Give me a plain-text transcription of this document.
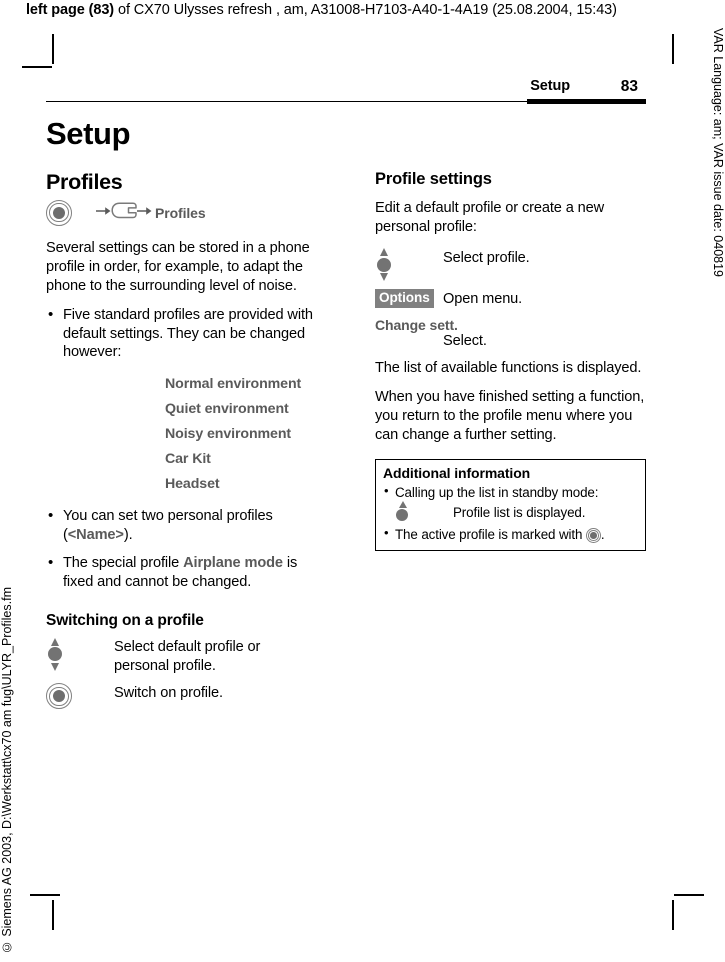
left page (83) of CX70 Ulysses refresh , am, A31008-H7103-A40-1-4A19 (25.08.2004, 15:43)
VAR Language: am; VAR issue date: 040819
© Siemens AG 2003, D:\Werkstatt\cx70 am fug\ULYR_Profiles.fm
Setup	83
Setup
Profiles
Profiles

Several settings can be stored in a phone profile in order, for example, to adapt the phone to the surrounding level of noise.

• Five standard profiles are provided with default settings. They can be changed however:
Normal environment
Quiet environment
Noisy environment
Car Kit
Headset
• You can set two personal profiles (<Name>).
• The special profile Airplane mode is fixed and cannot be changed.
Switching on a profile
Select default profile or personal profile.
Switch on profile.
Profile settings

Edit a default profile or create a new personal profile:

Select profile.
Options Open menu.
Change sett.
Select.

The list of available functions is displayed.

When you have finished setting a function, you return to the profile menu where you can change a further setting.

Additional information
• Calling up the list in standby mode:
Profile list is displayed.
• The active profile is marked with
.
